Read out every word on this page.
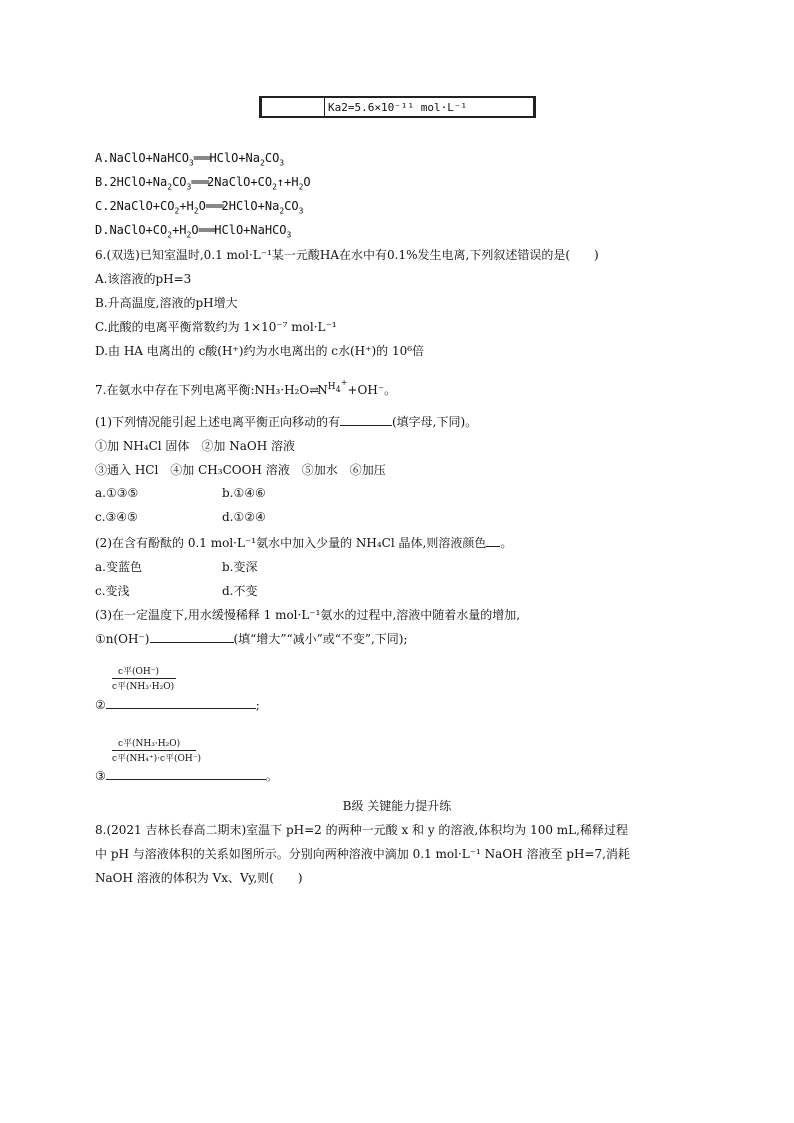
Ka2=5.6×10⁻¹¹ mol·L⁻¹
$A.NaClO+NaHCO_3═══HClO+Na_2CO_3$
$B.2HClO+Na_2CO_3═══2NaClO+CO_2↑+H_2O$
$C.2NaClO+CO_2+H_2O═══2HClO+Na_2CO_3$
$D.NaClO+CO_2+H_2O═══HClO+NaHCO_3$
6.(双选)已知室温时,0.1 mol·L⁻¹某一元酸HA在水中有0.1%发生电离,下列叙述错误的是(　　)
A.该溶液的pH=3
B.升高温度,溶液的pH增大
C.此酸的电离平衡常数约为 1×10⁻⁷ mol·L⁻¹
D.由 HA 电离出的 c酸(H⁺)约为水电离出的 c水(H⁺)的 10⁶倍
7.在氨水中存在下列电离平衡$:NH_3\cdot H_2O\rightleftharpoons N^{H_4^+}+OH^-$。
(1)下列情况能引起上述电离平衡正向移动的有	(填字母,下同)。
①加 NH₄Cl 固体　②加 NaOH 溶液
③通入 HCl　④加 CH₃COOH 溶液　⑤加水　⑥加压
a.①③⑤	b.①④⑥
c.③④⑤	d.①②④
(2)在含有酚酞的 0.1 mol·L⁻¹氨水中加入少量的 NH₄Cl 晶体,则溶液颜色 。
a.变蓝色	b.变深
c.变浅	d.不变
(3)在一定温度下,用水缓慢稀释 1 mol·L⁻¹氨水的过程中,溶液中随着水量的增加,
①n(OH⁻)	(填“增大”“减小”或“不变”,下同);
c平(OH⁻)
c平(NH₃·H₂O)
②	;
c平(NH₃·H₂O)
c平(NH₄⁺)·c平(OH⁻)
③	。
B级 关键能力提升练
8.(2021 吉林长春高二期末)室温下 pH=2 的两种一元酸 x 和 y 的溶液,体积均为 100 mL,稀释过程
中 pH 与溶液体积的关系如图所示。分别向两种溶液中滴加 0.1 mol·L⁻¹ NaOH 溶液至 pH=7,消耗
NaOH 溶液的体积为 Vx、Vy,则(　　)
